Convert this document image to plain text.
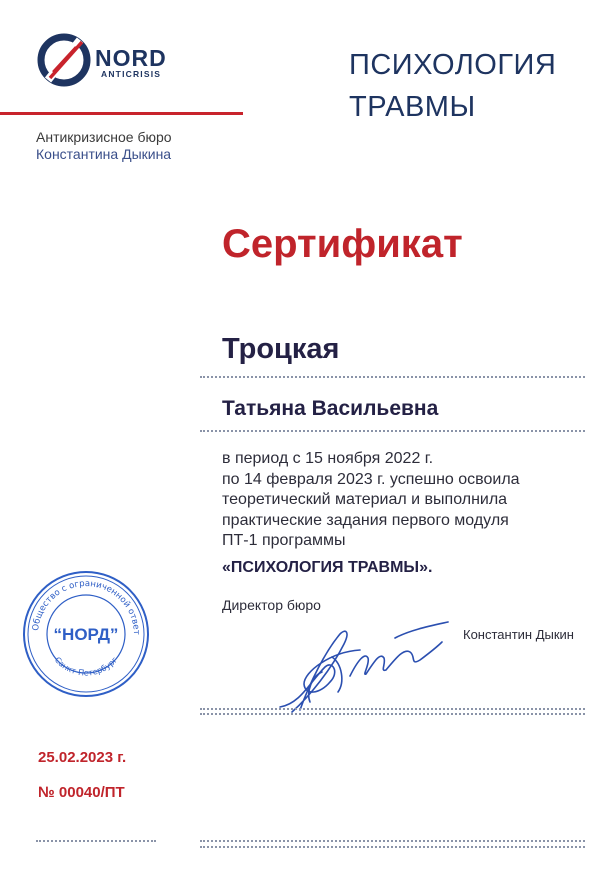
NORD
ANTICRISIS
Антикризисное бюро
Константина Дыкина
ПСИХОЛОГИЯ
ТРАВМЫ
Сертификат
Троцкая
Татьяна Васильевна
в период с 15 ноября 2022 г.
по 14 февраля 2023 г. успешно освоила
теоретический материал и выполнила
практические задания первого модуля
ПТ-1 программы
«ПСИХОЛОГИЯ ТРАВМЫ».
Директор бюро
Константин Дыкин
Общество с ограниченной ответ
Санкт-Петербург
“НОРД”
25.02.2023 г.
№ 00040/ПТ
